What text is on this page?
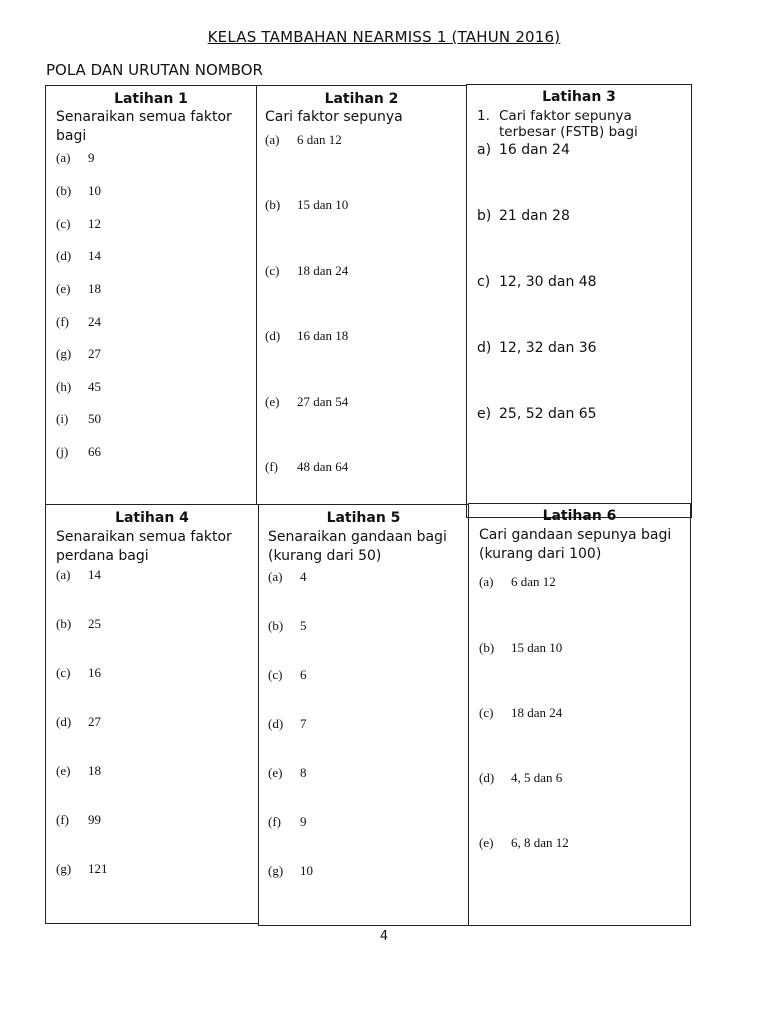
KELAS TAMBAHAN NEARMISS 1 (TAHUN 2016)
POLA DAN URUTAN NOMBOR
Latihan 1
Senaraikan semua faktor
bagi
(a) 9
(b) 10
(c) 12
(d) 14
(e) 18
(f) 24
(g) 27
(h) 45
(i) 50
(j) 66
Latihan 2
Cari faktor sepunya
(a) 6 dan 12
(b) 15 dan 10
(c) 18 dan 24
(d) 16 dan 18
(e) 27 dan 54
(f) 48 dan 64
Latihan 3
1. Cari faktor sepunya
terbesar (FSTB) bagi
a) 16 dan 24
b) 21 dan 28
c) 12, 30 dan 48
d) 12, 32 dan 36
e) 25, 52 dan 65
Latihan 4
Senaraikan semua faktor
perdana bagi
(a) 14
(b) 25
(c) 16
(d) 27
(e) 18
(f) 99
(g) 121
Latihan 5
Senaraikan gandaan bagi
(kurang dari 50)
(a) 4
(b) 5
(c) 6
(d) 7
(e) 8
(f) 9
(g) 10
Latihan 6
Cari gandaan sepunya bagi
(kurang dari 100)
(a) 6 dan 12
(b) 15 dan 10
(c) 18 dan 24
(d) 4, 5 dan 6
(e) 6, 8 dan 12
4
